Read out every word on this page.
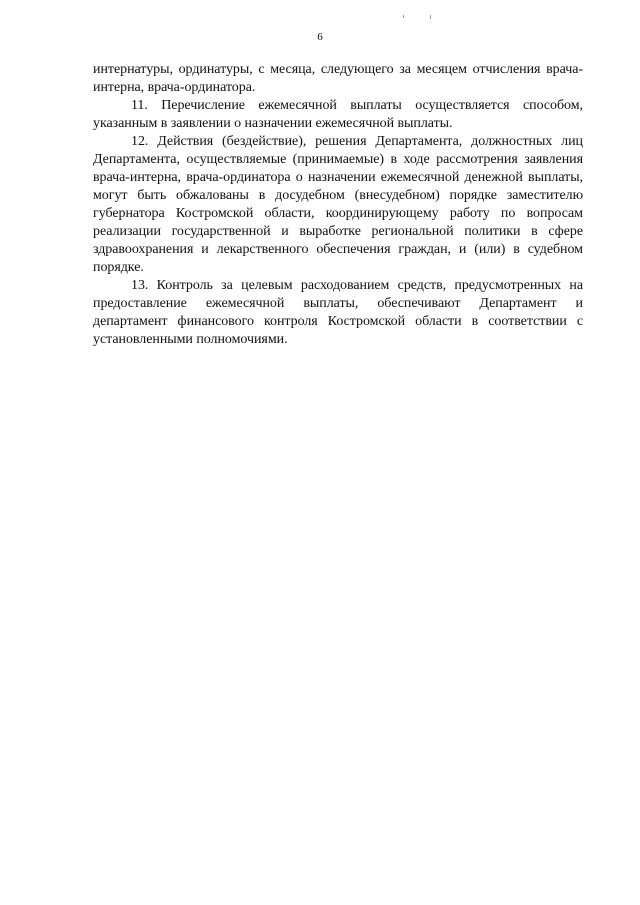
6

интернатуры, ординатуры, с месяца, следующего за месяцем отчисления врача-интерна, врача-ординатора.

11. Перечисление ежемесячной выплаты осуществляется способом, указанным в заявлении о назначении ежемесячной выплаты.

12. Действия (бездействие), решения Департамента, должностных лиц Департамента, осуществляемые (принимаемые) в ходе рассмотрения заявления врача-интерна, врача-ординатора о назначении ежемесячной денежной выплаты, могут быть обжалованы в досудебном (внесудебном) порядке заместителю губернатора Костромской области, координирующему работу по вопросам реализации государственной и выработке региональной политики в сфере здравоохранения и лекарственного обеспечения граждан, и (или) в судебном порядке.

13. Контроль за целевым расходованием средств, предусмотренных на предоставление ежемесячной выплаты, обеспечивают Департамент и департамент финансового контроля Костромской области в соответствии с установленными полномочиями.
